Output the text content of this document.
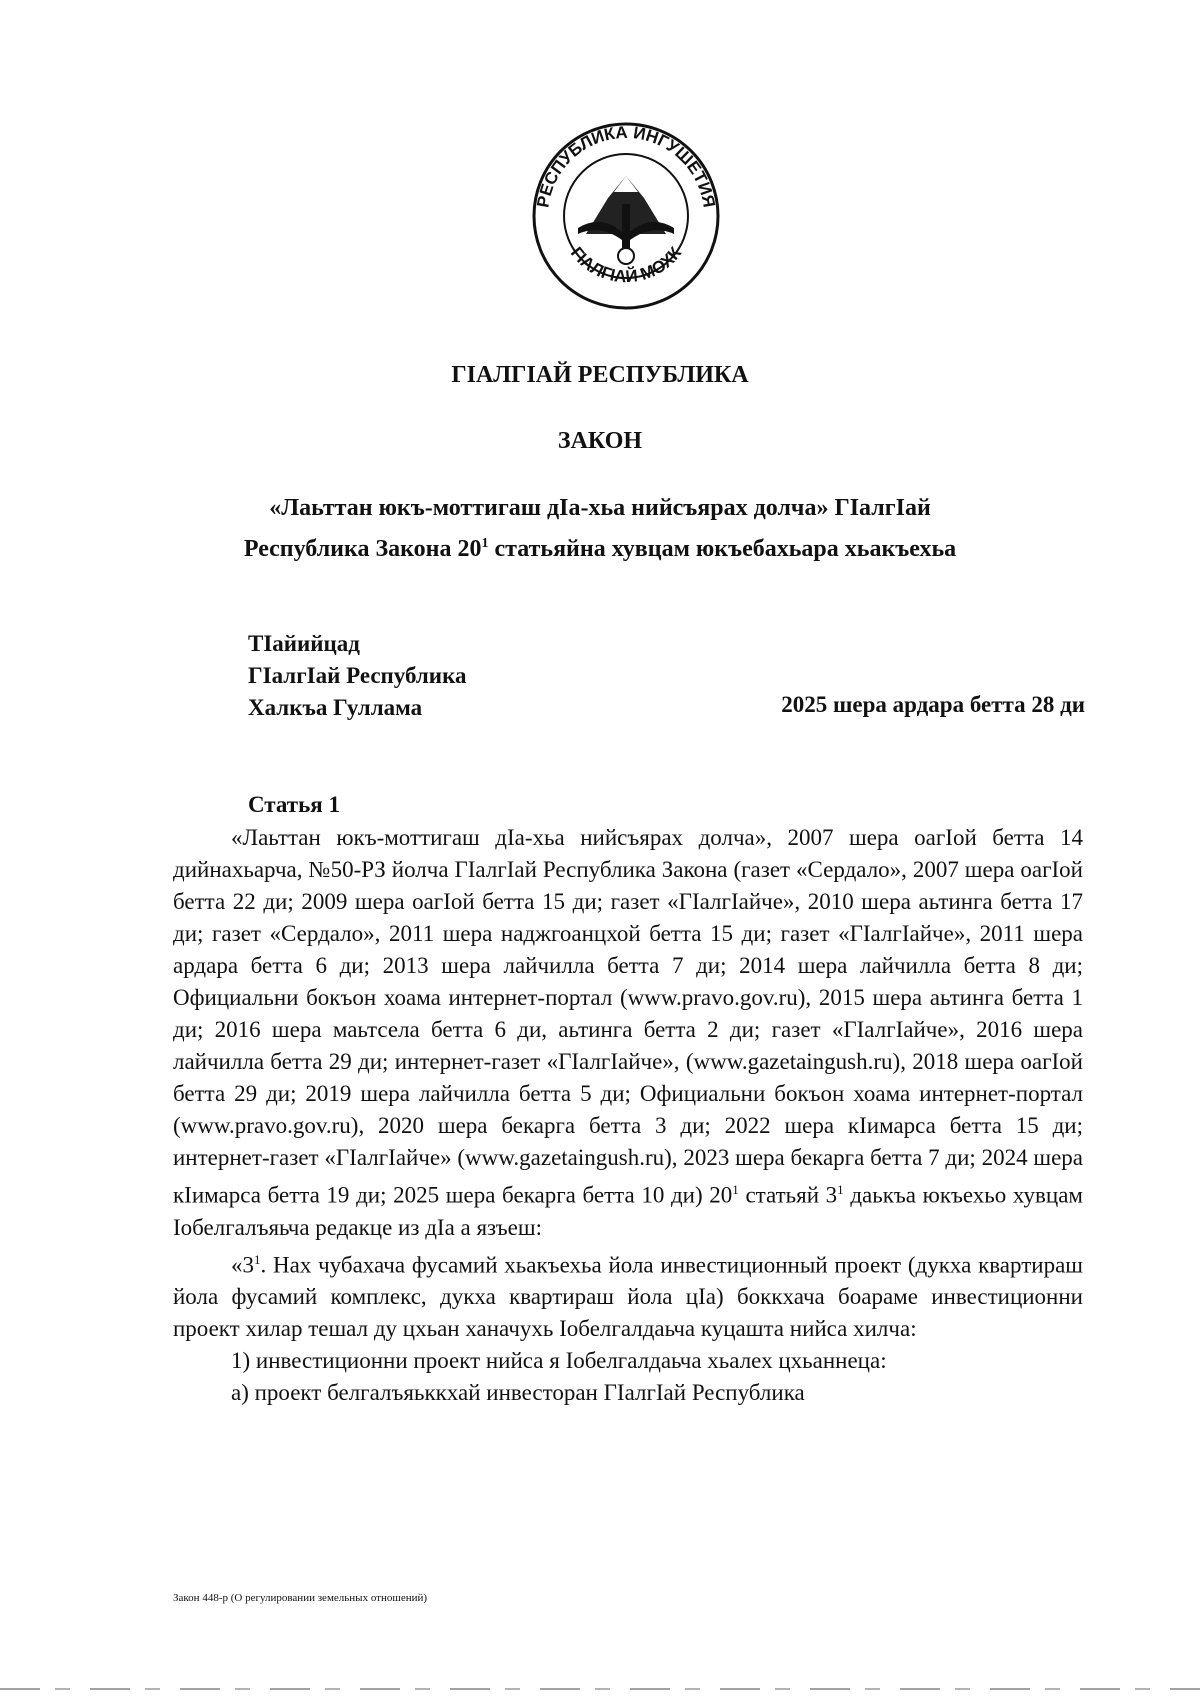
РЕСПУБЛИКА ИНГУШЕТИЯ
ГIАЛГIАЙ МОХК
ГIАЛГIАЙ РЕСПУБЛИКА
ЗАКОН
«Лаьттан юкъ-моттигаш дIа-хьа нийсъярах долча» ГIалгIай
Республика Закона $20^1$ статьяйна хувцам юкъебахьара хьакъехьа
ТIайийцад
ГIалгIай Республика
Халкъа Гуллама	2025 шера ардара бетта 28 ди
Статья 1

«Лаьттан юкъ-моттигаш дIа-хьа нийсъярах долча», 2007 шера оагIой бетта 14 дийнахьарча, №50-РЗ йолча ГIалгIай Республика Закона (газет «Сердало», 2007 шера оагIой бетта 22 ди; 2009 шера оагIой бетта 15 ди; газет «ГIалгIайче», 2010 шера аьтинга бетта 17 ди; газет «Сердало», 2011 шера наджгоанцхой бетта 15 ди; газет «ГIалгIайче», 2011 шера ардара бетта 6 ди; 2013 шера лайчилла бетта 7 ди; 2014 шера лайчилла бетта 8 ди; Официальни бокъон хоама интернет-портал (www.pravo.gov.ru), 2015 шера аьтинга бетта 1 ди; 2016 шера маьтсела бетта 6 ди, аьтинга бетта 2 ди; газет «ГIалгIайче», 2016 шера лайчилла бетта 29 ди; интернет-газет «ГIалгIайче», (www.gazetaingush.ru), 2018 шера оагIой бетта 29 ди; 2019 шера лайчилла бетта 5 ди; Официальни бокъон хоама интернет-портал (www.pravo.gov.ru), 2020 шера бекарга бетта 3 ди; 2022 шера кIимарса бетта 15 ди; интернет-газет «ГIалгIайче» (www.gazetaingush.ru), 2023 шера бекарга бетта 7 ди; 2024 шера кIимарса бетта 19 ди; 2025 шера бекарга бетта 10 ди) $20^1$ статьяй $3^1$ даькъа юкъехьо хувцам Iобелгалъяьча редакце из дIа а язъеш:

«$3^1$. Нах чубахача фусамий хьакъехьа йола инвестиционный проект (дукха квартираш йола фусамий комплекс, дукха квартираш йола цIа) боккхача боараме инвестиционни проект хилар тешал ду цхьан ханачухь Iобелгалдаьча куцашта нийса хилча:

1) инвестиционни проект нийса я Iобелгалдаьча хьалех цхьаннеца:

а) проект белгалъяьккхай инвесторан ГIалгIай Республика

Закон 448-р (О регулировании земельных отношений)
